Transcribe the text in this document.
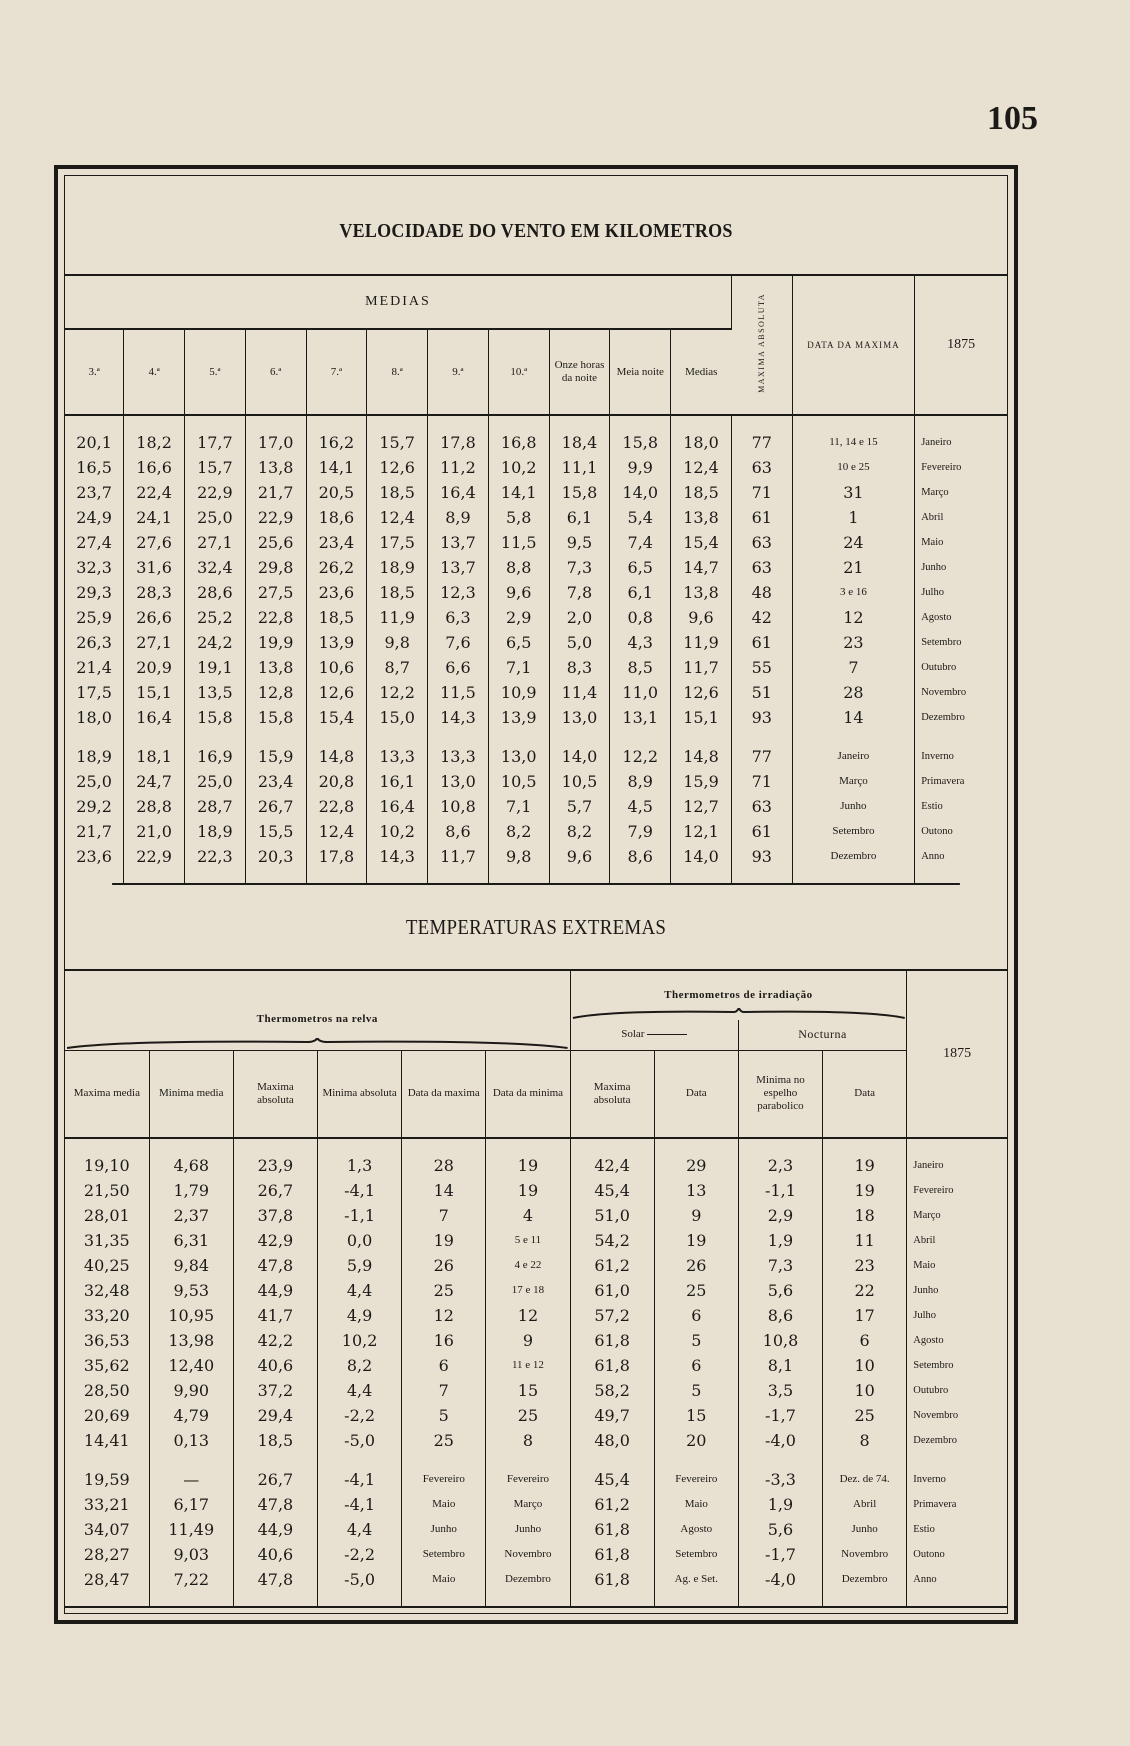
105
VELOCIDADE DO VENTO EM KILOMETROS
MEDIAS											MAXIMA ABSOLUTA	DATA DA MAXIMA	1875
3.ª	4.ª	5.ª	6.ª	7.ª	8.ª	9.ª	10.ª	Onze horas da noite	Meia noite	Medias			

20,1	18,2	17,7	17,0	16,2	15,7	17,8	16,8	18,4	15,8	18,0	77	11, 14 e 15	Janeiro
16,5	16,6	15,7	13,8	14,1	12,6	11,2	10,2	11,1	9,9	12,4	63	10 e 25	Fevereiro
23,7	22,4	22,9	21,7	20,5	18,5	16,4	14,1	15,8	14,0	18,5	71	31	Março
24,9	24,1	25,0	22,9	18,6	12,4	8,9	5,8	6,1	5,4	13,8	61	1	Abril
27,4	27,6	27,1	25,6	23,4	17,5	13,7	11,5	9,5	7,4	15,4	63	24	Maio
32,3	31,6	32,4	29,8	26,2	18,9	13,7	8,8	7,3	6,5	14,7	63	21	Junho
29,3	28,3	28,6	27,5	23,6	18,5	12,3	9,6	7,8	6,1	13,8	48	3 e 16	Julho
25,9	26,6	25,2	22,8	18,5	11,9	6,3	2,9	2,0	0,8	9,6	42	12	Agosto
26,3	27,1	24,2	19,9	13,9	9,8	7,6	6,5	5,0	4,3	11,9	61	23	Setembro
21,4	20,9	19,1	13,8	10,6	8,7	6,6	7,1	8,3	8,5	11,7	55	7	Outubro
17,5	15,1	13,5	12,8	12,6	12,2	11,5	10,9	11,4	11,0	12,6	51	28	Novembro
18,0	16,4	15,8	15,8	15,4	15,0	14,3	13,9	13,0	13,1	15,1	93	14	Dezembro

18,9	18,1	16,9	15,9	14,8	13,3	13,3	13,0	14,0	12,2	14,8	77	Janeiro	Inverno
25,0	24,7	25,0	23,4	20,8	16,1	13,0	10,5	10,5	8,9	15,9	71	Março	Primavera
29,2	28,8	28,7	26,7	22,8	16,4	10,8	7,1	5,7	4,5	12,7	63	Junho	Estio
21,7	21,0	18,9	15,5	12,4	10,2	8,6	8,2	8,2	7,9	12,1	61	Setembro	Outono
23,6	22,9	22,3	20,3	17,8	14,3	11,7	9,8	9,6	8,6	14,0	93	Dezembro	Anno

TEMPERATURAS EXTREMAS
Thermometros na relva						Thermometros de irradiação				1875
						Solar		Nocturna		
Maxima media	Minima media	Maxima absoluta	Minima absoluta	Data da maxima	Data da minima	Maxima absoluta	Data	Minima no espelho parabolico	Data	

19,10	4,68	23,9	1,3	28	19	42,4	29	2,3	19	Janeiro
21,50	1,79	26,7	-4,1	14	19	45,4	13	-1,1	19	Fevereiro
28,01	2,37	37,8	-1,1	7	4	51,0	9	2,9	18	Março
31,35	6,31	42,9	0,0	19	5 e 11	54,2	19	1,9	11	Abril
40,25	9,84	47,8	5,9	26	4 e 22	61,2	26	7,3	23	Maio
32,48	9,53	44,9	4,4	25	17 e 18	61,0	25	5,6	22	Junho
33,20	10,95	41,7	4,9	12	12	57,2	6	8,6	17	Julho
36,53	13,98	42,2	10,2	16	9	61,8	5	10,8	6	Agosto
35,62	12,40	40,6	8,2	6	11 e 12	61,8	6	8,1	10	Setembro
28,50	9,90	37,2	4,4	7	15	58,2	5	3,5	10	Outubro
20,69	4,79	29,4	-2,2	5	25	49,7	15	-1,7	25	Novembro
14,41	0,13	18,5	-5,0	25	8	48,0	20	-4,0	8	Dezembro

19,59	—	26,7	-4,1	Fevereiro	Fevereiro	45,4	Fevereiro	-3,3	Dez. de 74.	Inverno
33,21	6,17	47,8	-4,1	Maio	Março	61,2	Maio	1,9	Abril	Primavera
34,07	11,49	44,9	4,4	Junho	Junho	61,8	Agosto	5,6	Junho	Estio
28,27	9,03	40,6	-2,2	Setembro	Novembro	61,8	Setembro	-1,7	Novembro	Outono
28,47	7,22	47,8	-5,0	Maio	Dezembro	61,8	Ag. e Set.	-4,0	Dezembro	Anno
